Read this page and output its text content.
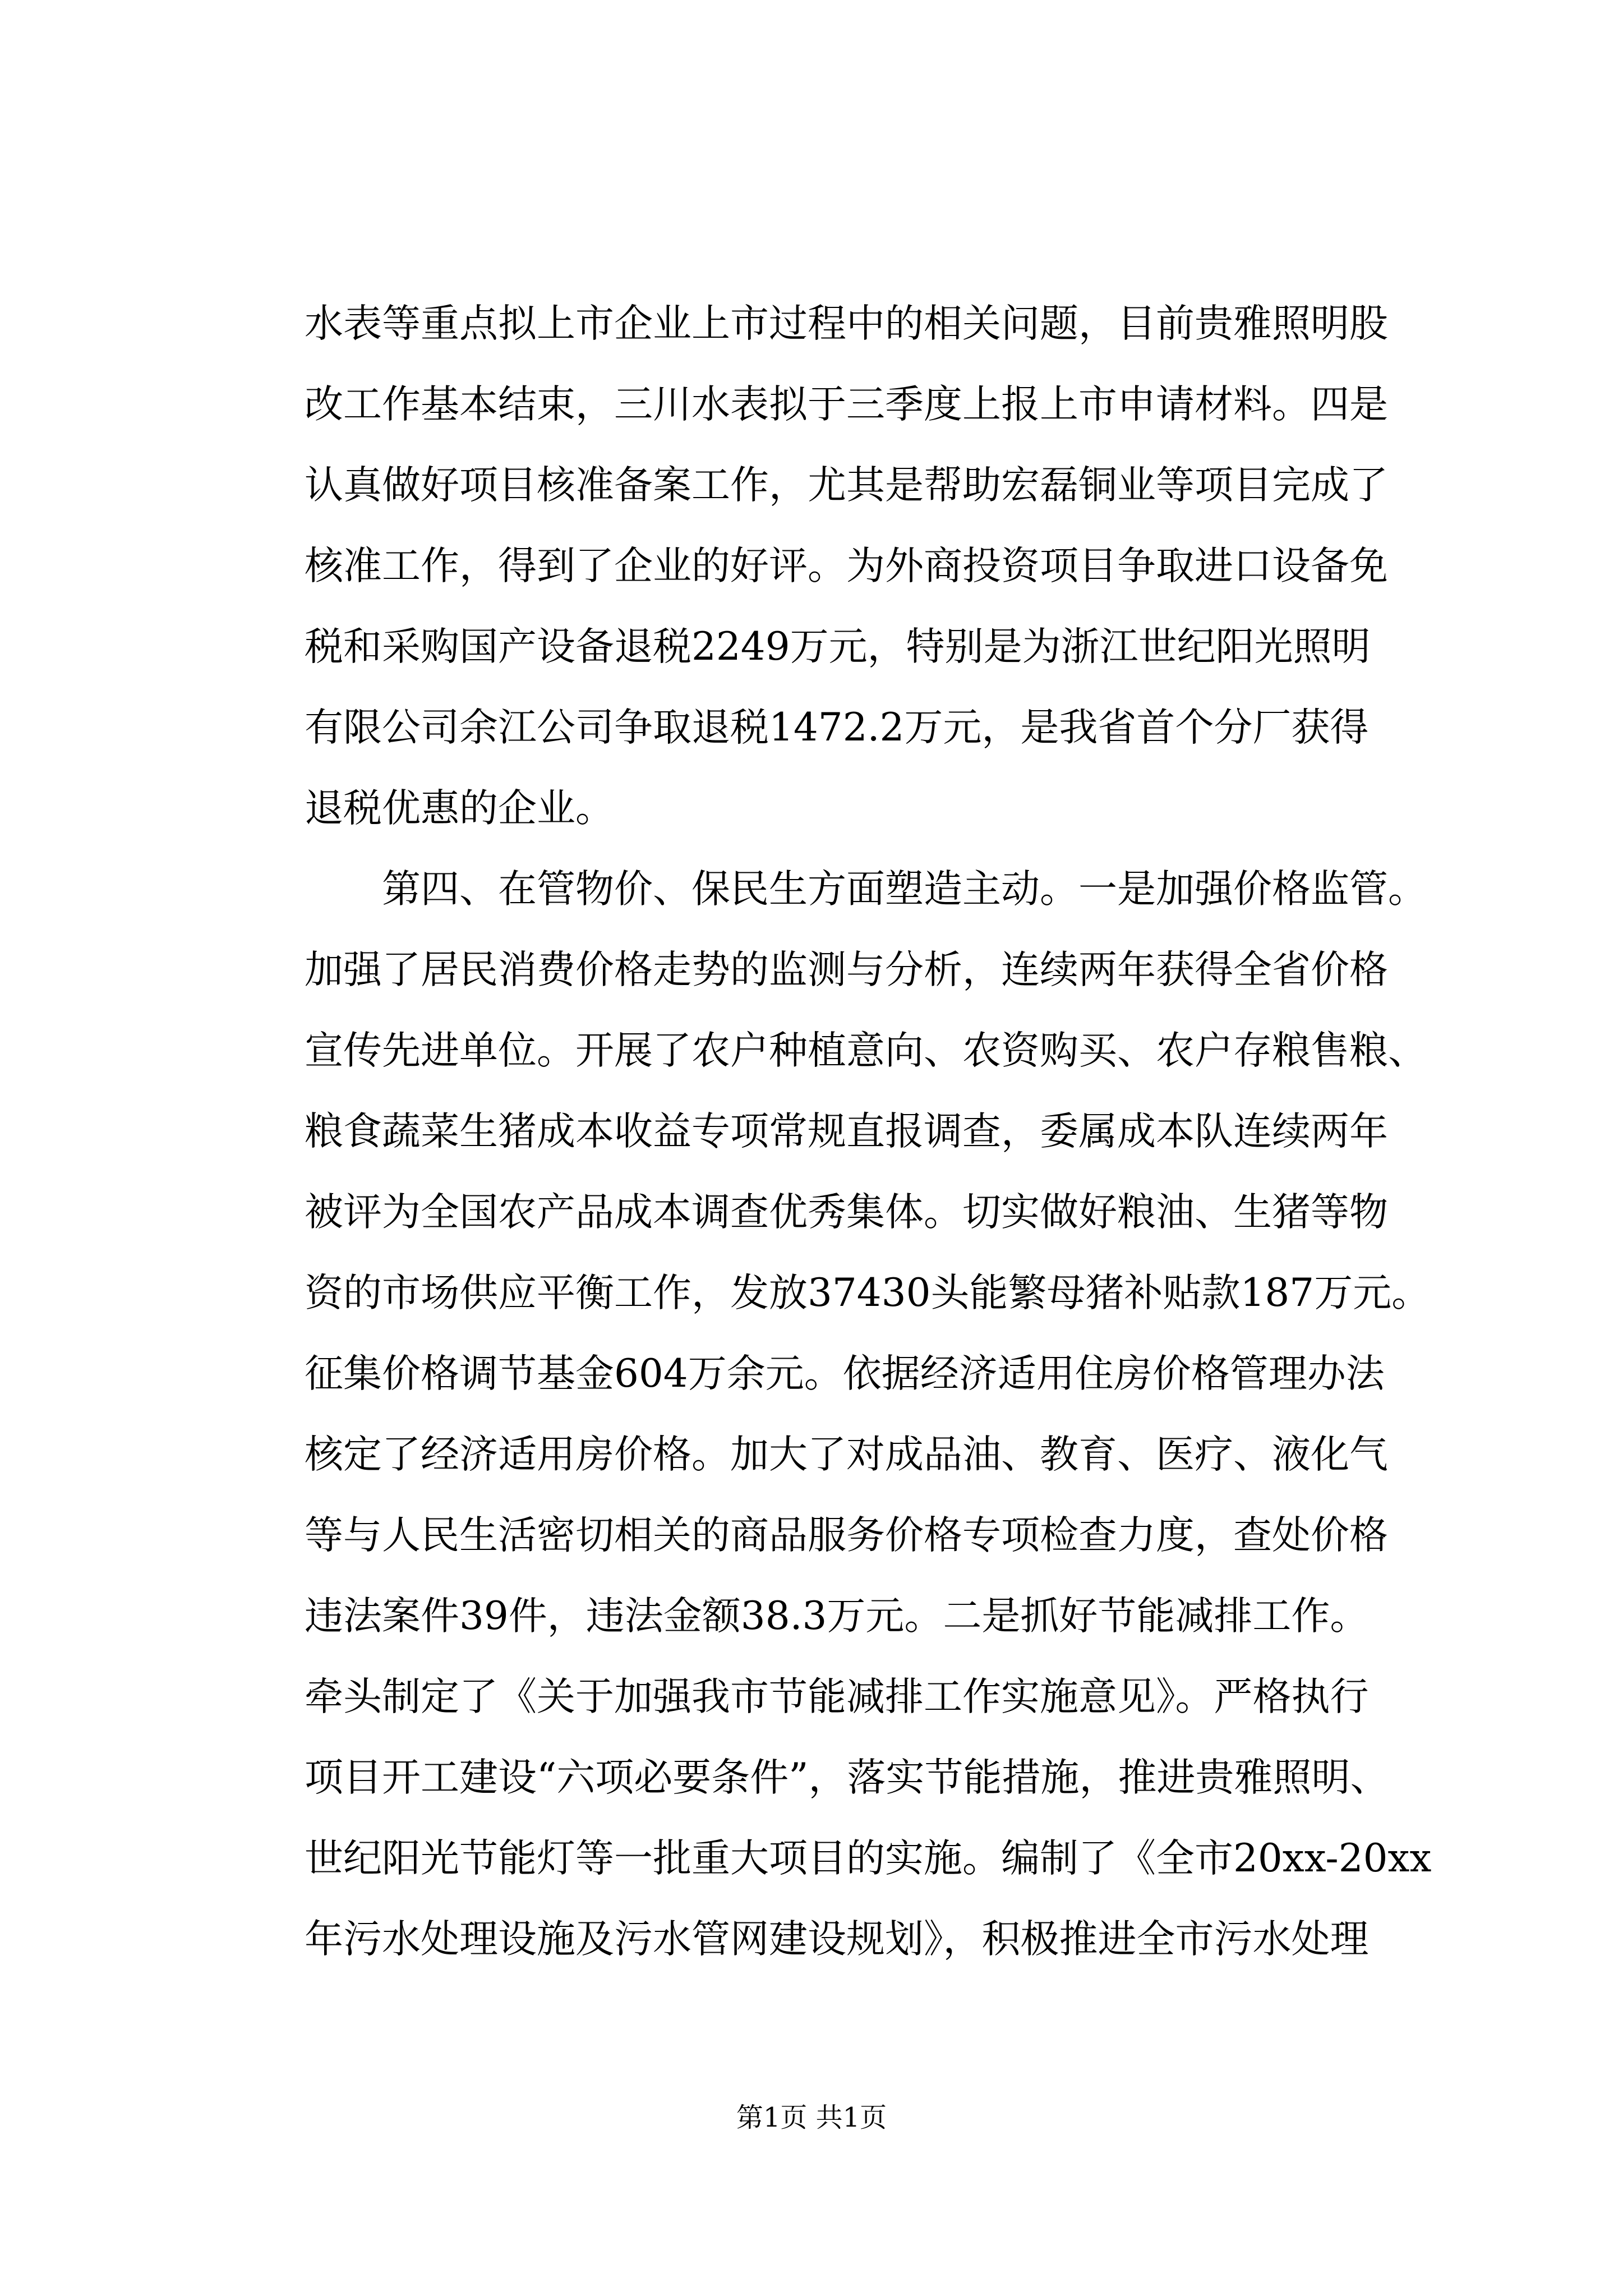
水表等重点拟上市企业上市过程中的相关问题，目前贵雅照明股
改工作基本结束，三川水表拟于三季度上报上市申请材料。四是
认真做好项目核准备案工作，尤其是帮助宏磊铜业等项目完成了
核准工作，得到了企业的好评。为外商投资项目争取进口设备免
税和采购国产设备退税2249万元，特别是为浙江世纪阳光照明
有限公司余江公司争取退税1472.2万元，是我省首个分厂获得
退税优惠的企业。
　　第四、在管物价、保民生方面塑造主动。一是加强价格监管。
加强了居民消费价格走势的监测与分析，连续两年获得全省价格
宣传先进单位。开展了农户种植意向、农资购买、农户存粮售粮、
粮食蔬菜生猪成本收益专项常规直报调查，委属成本队连续两年
被评为全国农产品成本调查优秀集体。切实做好粮油、生猪等物
资的市场供应平衡工作，发放37430头能繁母猪补贴款187万元。
征集价格调节基金604万余元。依据经济适用住房价格管理办法
核定了经济适用房价格。加大了对成品油、教育、医疗、液化气
等与人民生活密切相关的商品服务价格专项检查力度，查处价格
违法案件39件，违法金额38.3万元。二是抓好节能减排工作。
牵头制定了《关于加强我市节能减排工作实施意见》。严格执行
项目开工建设“六项必要条件”，落实节能措施，推进贵雅照明、
世纪阳光节能灯等一批重大项目的实施。编制了《全市20xx-20xx
年污水处理设施及污水管网建设规划》，积极推进全市污水处理
第1页 共1页
